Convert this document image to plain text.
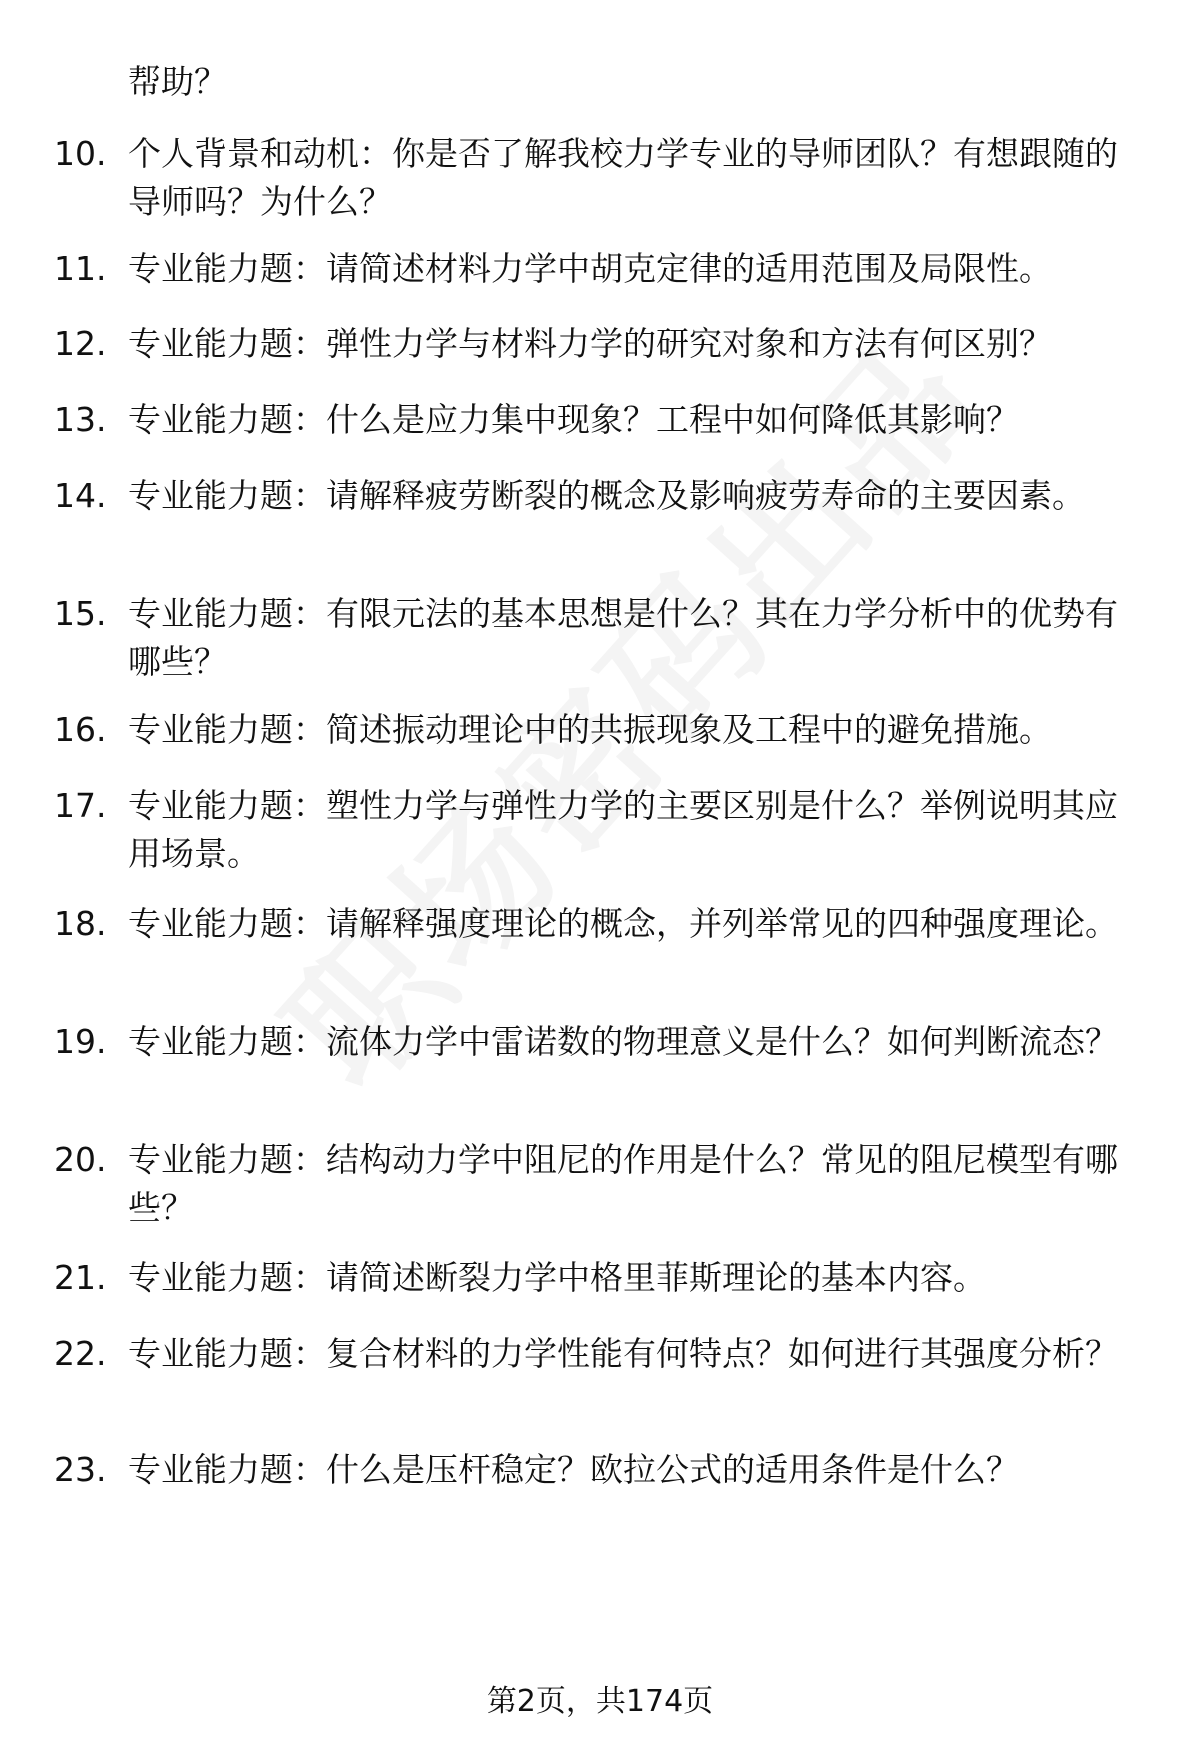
帮助？
10. 个人背景和动机：你是否了解我校力学专业的导师团队？有想跟随的导师吗？为什么？
11. 专业能力题：请简述材料力学中胡克定律的适用范围及局限性。
12. 专业能力题：弹性力学与材料力学的研究对象和方法有何区别？
13. 专业能力题：什么是应力集中现象？工程中如何降低其影响？
14. 专业能力题：请解释疲劳断裂的概念及影响疲劳寿命的主要因素。
15. 专业能力题：有限元法的基本思想是什么？其在力学分析中的优势有哪些？
16. 专业能力题：简述振动理论中的共振现象及工程中的避免措施。
17. 专业能力题：塑性力学与弹性力学的主要区别是什么？举例说明其应用场景。
18. 专业能力题：请解释强度理论的概念，并列举常见的四种强度理论。
19. 专业能力题：流体力学中雷诺数的物理意义是什么？如何判断流态？
20. 专业能力题：结构动力学中阻尼的作用是什么？常见的阻尼模型有哪些？
21. 专业能力题：请简述断裂力学中格里菲斯理论的基本内容。
22. 专业能力题：复合材料的力学性能有何特点？如何进行其强度分析？
23. 专业能力题：什么是压杆稳定？欧拉公式的适用条件是什么？
第2页，共174页
